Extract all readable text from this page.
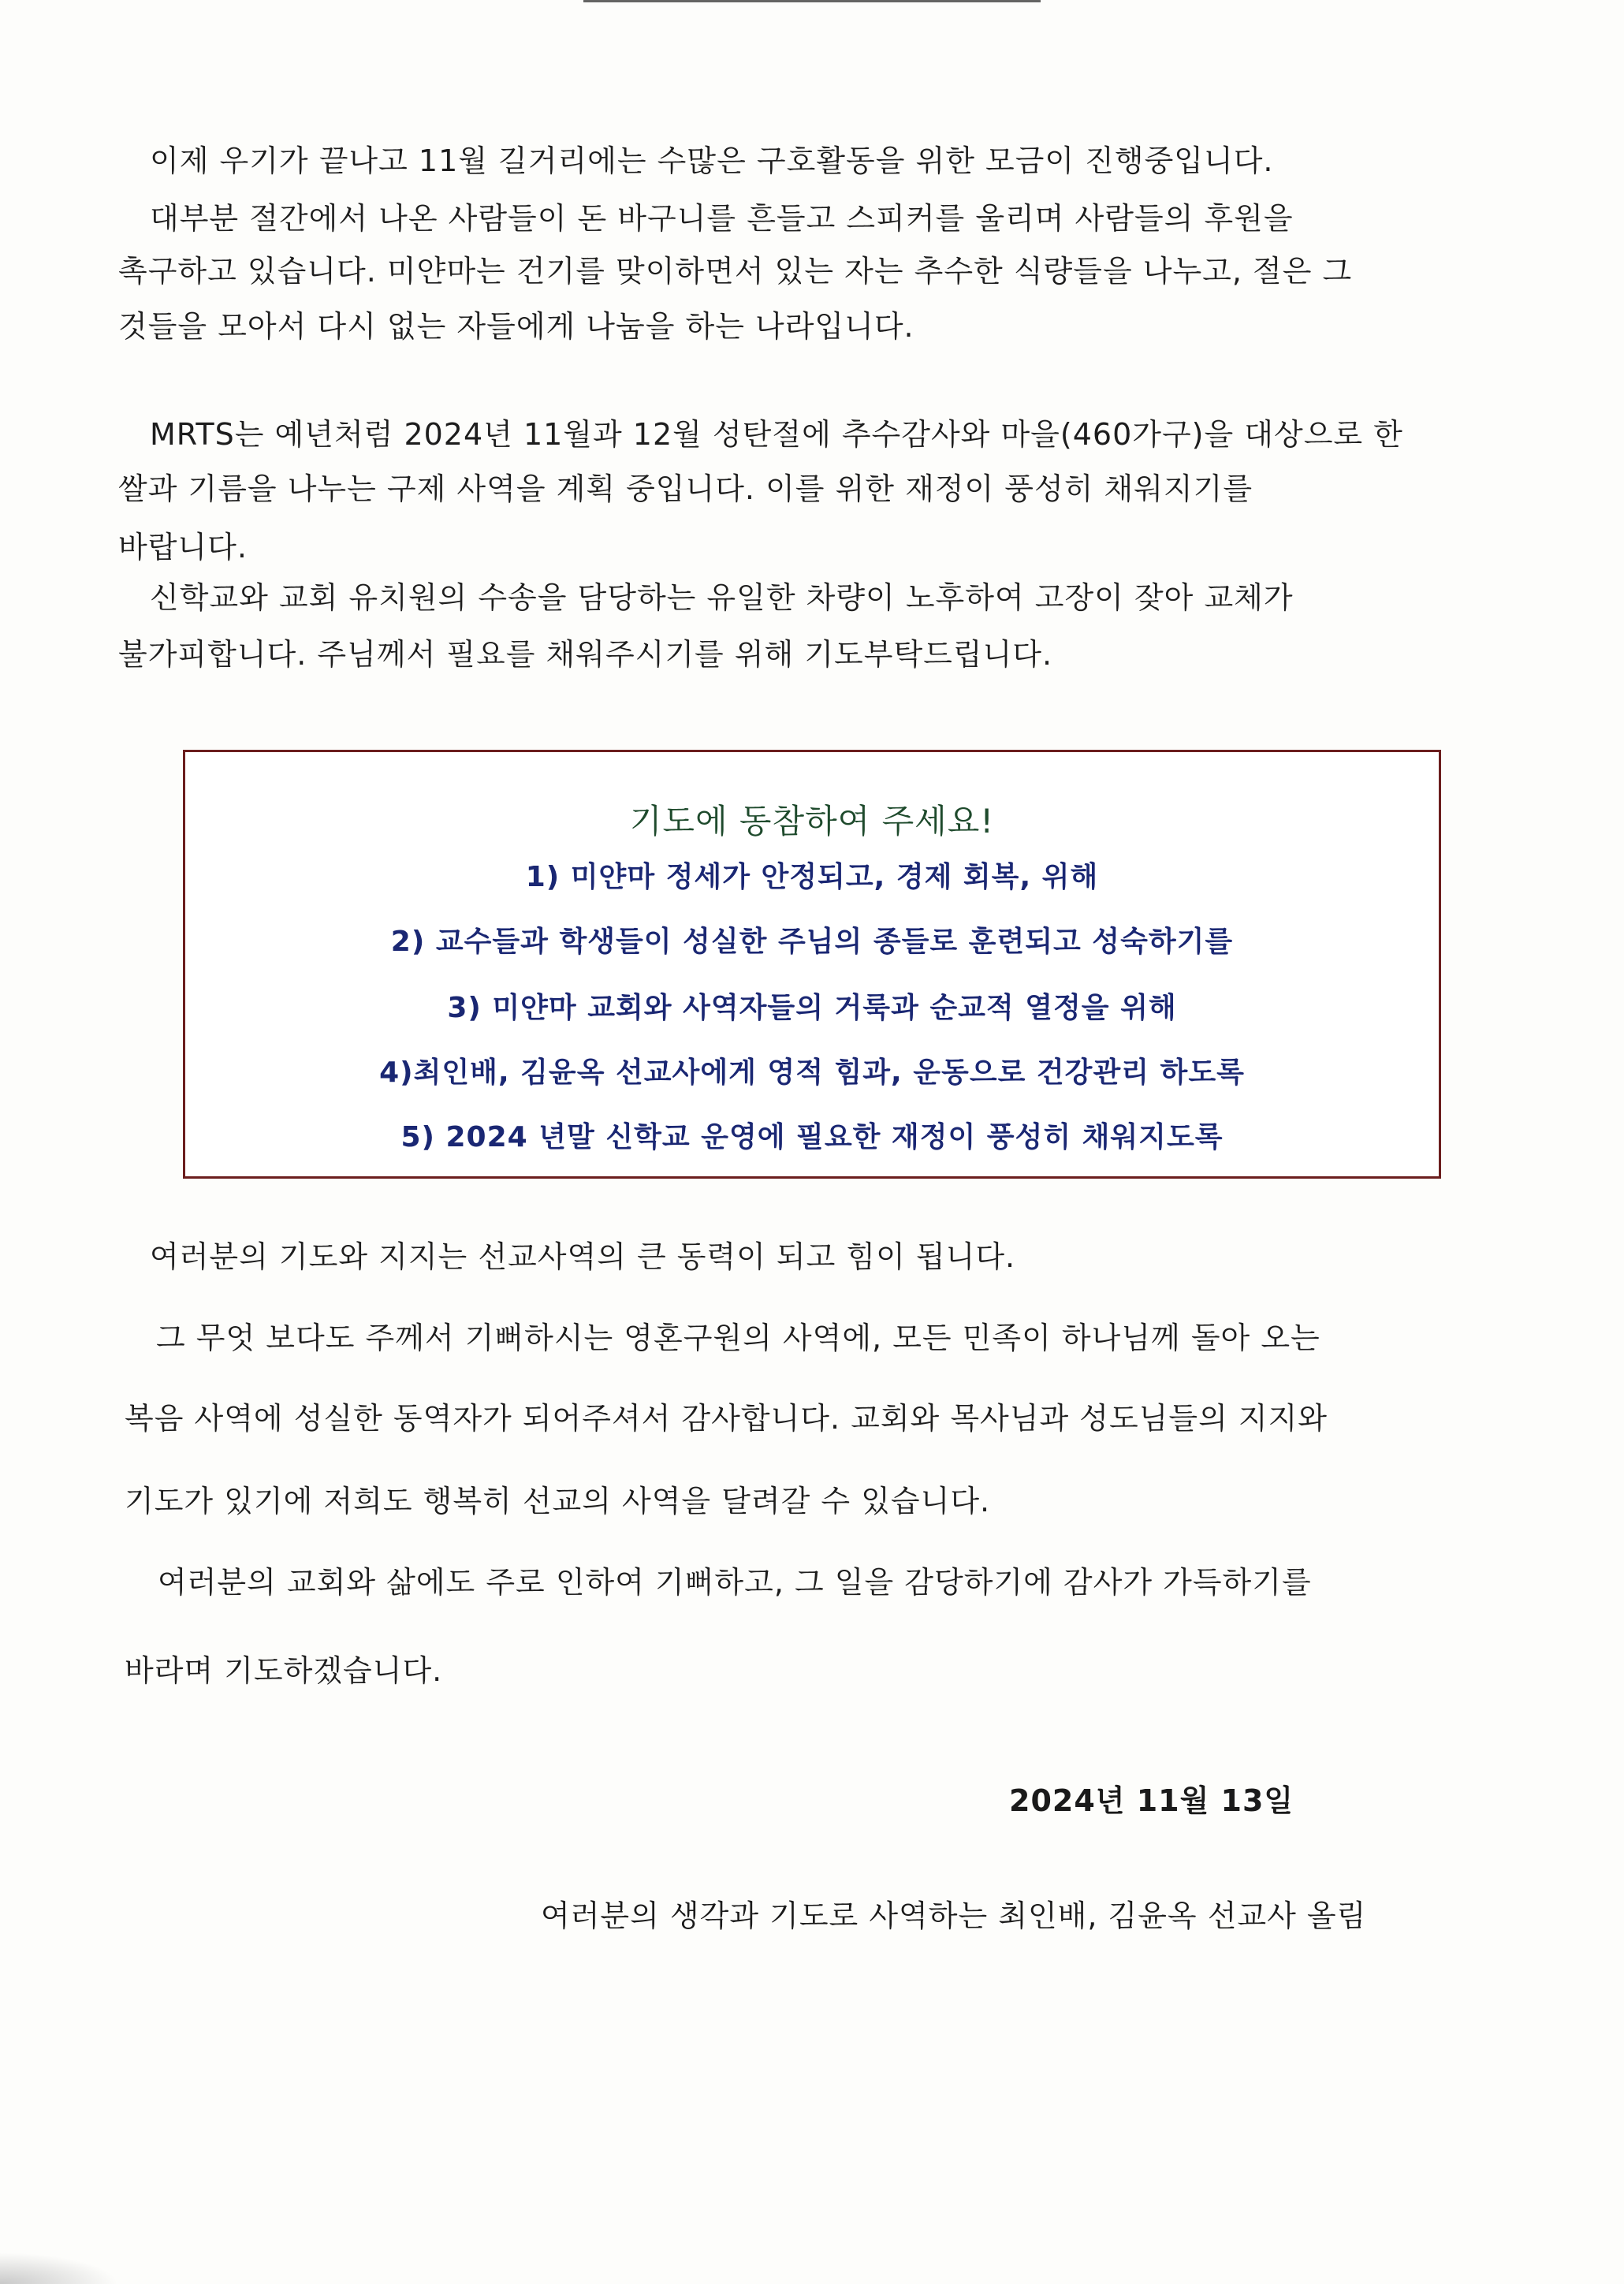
이제 우기가 끝나고 11월 길거리에는 수많은 구호활동을 위한 모금이 진행중입니다.
대부분 절간에서 나온 사람들이 돈 바구니를 흔들고 스피커를 울리며 사람들의 후원을
촉구하고 있습니다. 미얀마는 건기를 맞이하면서 있는 자는 추수한 식량들을 나누고, 절은 그
것들을 모아서 다시 없는 자들에게 나눔을 하는 나라입니다.
MRTS는 예년처럼 2024년 11월과 12월 성탄절에 추수감사와 마을(460가구)을 대상으로 한
쌀과 기름을 나누는 구제 사역을 계획 중입니다. 이를 위한 재정이 풍성히 채워지기를
바랍니다.
신학교와 교회 유치원의 수송을 담당하는 유일한 차량이 노후하여 고장이 잦아 교체가
불가피합니다. 주님께서 필요를 채워주시기를 위해 기도부탁드립니다.
기도에 동참하여 주세요!
1) 미얀마 정세가 안정되고, 경제 회복, 위해
2) 교수들과 학생들이 성실한 주님의 종들로 훈련되고 성숙하기를
3) 미얀마 교회와 사역자들의 거룩과 순교적 열정을 위해
4)최인배, 김윤옥 선교사에게 영적 힘과, 운동으로 건강관리 하도록
5) 2024 년말 신학교 운영에 필요한 재정이 풍성히 채워지도록
여러분의 기도와 지지는 선교사역의 큰 동력이 되고 힘이 됩니다.
그 무엇 보다도 주께서 기뻐하시는 영혼구원의 사역에, 모든 민족이 하나님께 돌아 오는
복음 사역에 성실한 동역자가 되어주셔서 감사합니다. 교회와 목사님과 성도님들의 지지와
기도가 있기에 저희도 행복히 선교의 사역을 달려갈 수 있습니다.
여러분의 교회와 삶에도 주로 인하여 기뻐하고, 그 일을 감당하기에 감사가 가득하기를
바라며 기도하겠습니다.
2024년 11월 13일
여러분의 생각과 기도로 사역하는 최인배, 김윤옥 선교사 올림
